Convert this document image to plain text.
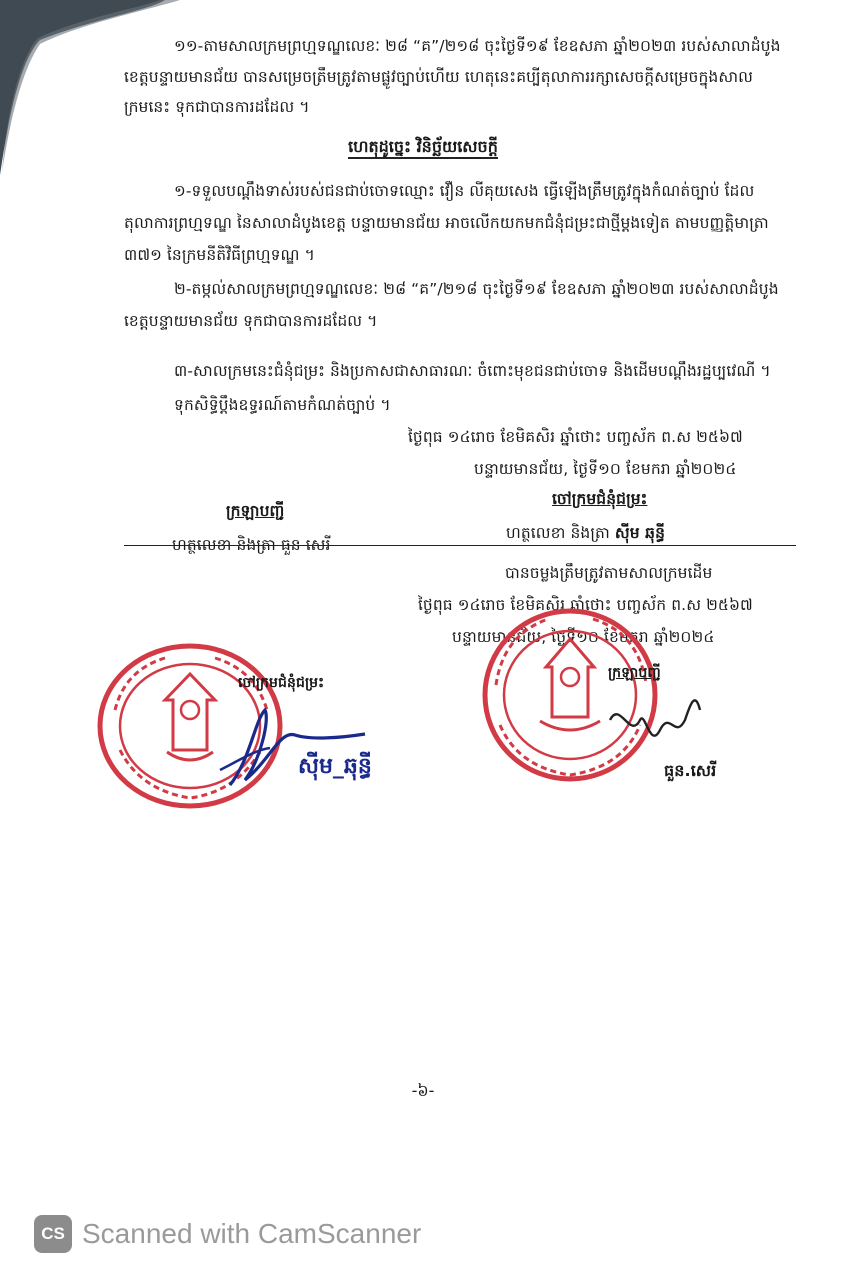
១១-តាមសាលក្រមព្រហ្មទណ្ឌលេខៈ ២៨ “គ”/២១៨ ចុះថ្ងៃទី១៩ ខែឧសភា ឆ្នាំ២០២៣ របស់សាលាដំបូង
ខេត្តបន្ទាយមានជ័យ បានសម្រេចត្រឹមត្រូវតាមផ្លូវច្បាប់ហើយ ហេតុនេះគប្បីតុលាការរក្សាសេចក្តីសម្រេចក្នុងសាល
ក្រមនេះ ទុកជាបានការដដែល ។
ហេតុដូច្នេះ វិនិច្ឆ័យសេចក្តី
១-ទទួលបណ្តឹងទាស់របស់ជនជាប់ចោទឈ្មោះ វឿន លីគុយសេង ធ្វើឡើងត្រឹមត្រូវក្នុងកំណត់ច្បាប់ ដែល
តុលាការព្រហ្មទណ្ឌ នៃសាលាដំបូងខេត្ត បន្ទាយមានជ័យ អាចលើកយកមកជំនុំជម្រះជាថ្មីម្តងទៀត តាមបញ្ញត្តិមាត្រា
៣៧១ នៃក្រមនីតិវិធីព្រហ្មទណ្ឌ ។
២-តម្កល់សាលក្រមព្រហ្មទណ្ឌលេខៈ ២៨ “គ”/២១៨ ចុះថ្ងៃទី១៩ ខែឧសភា ឆ្នាំ២០២៣ របស់សាលាដំបូង
ខេត្តបន្ទាយមានជ័យ ទុកជាបានការដដែល ។
៣-សាលក្រមនេះជំនុំជម្រះ និងប្រកាសជាសាធារណៈ ចំពោះមុខជនជាប់ចោទ និងដើមបណ្តឹងរដ្ឋប្បវេណី ។
ទុកសិទ្ធិប្តឹងឧទ្ធរណ៍តាមកំណត់ច្បាប់ ។
ថ្ងៃពុធ ១៤រោច ខែមិគសិរ ឆ្នាំថោះ បញ្ចស័ក ព.ស ២៥៦៧
បន្ទាយមានជ័យ, ថ្ងៃទី១០ ខែមករា ឆ្នាំ២០២៤
ក្រឡាបញ្ជី
ចៅក្រមជំនុំជម្រះ
ហត្ថលេខា និងត្រា ធួន សេរី
ហត្ថលេខា និងត្រា ស៊ីម ឆុន្ធី
បានចម្លងត្រឹមត្រូវតាមសាលក្រមដើម
ថ្ងៃពុធ ១៤រោច ខែមិគសិរ ឆ្នាំថោះ បញ្ចស័ក ព.ស ២៥៦៧
បន្ទាយមានជ័យ, ថ្ងៃទី១០ ខែមករា ឆ្នាំ២០២៤
ចៅក្រមជំនុំជម្រះ
ស៊ីម_ឆុន្ធី
ក្រឡាបញ្ជី
ធួន.សេរី
-៦-
CS Scanned with CamScanner
